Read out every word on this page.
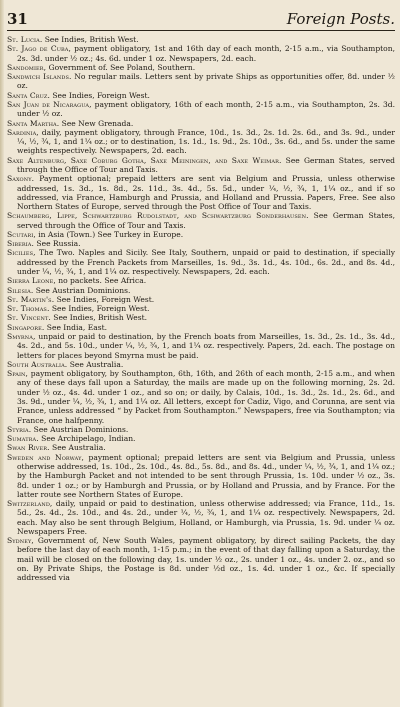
31	Foreign Posts.

St. Lucia. See Indies, British West.

St. Jago de Cuba, payment obligatory, 1st and 16th day of each month, 2-15 a.m., via Southampton, 2s. 3d. under ½ oz.; 4s. 6d. under 1 oz. Newspapers, 2d. each.

Sandomier, Government of. See Poland, Southern.

Sandwich Islands. No regular mails. Letters sent by private Ships as opportunities offer, 8d. under ½ oz.

Santa Cruz. See Indies, Foreign West.

San Juan de Nicaragua, payment obligatory, 16th of each month, 2-15 a.m., via Southampton, 2s. 3d. under ½ oz.

Santa Martha. See New Grenada.

Sardinia, daily, payment obligatory, through France, 10d., 1s. 3d., 2s. 1d. 2s. 6d., and 3s. 9d., under ¼, ½, ¾, 1, and 1¼ oz.; or to destination, 1s. 1d., 1s. 9d., 2s. 10d., 3s. 6d., and 5s. under the same weights respectively. Newspapers, 2d. each.

Saxe Altenburg, Saxe Coburg Gotha, Saxe Meiningen, and Saxe Weimar. See German States, served through the Office of Tour and Taxis.

Saxony. Payment optional; prepaid letters are sent via Belgium and Prussia, unless otherwise addressed, 1s. 3d., 1s. 8d., 2s. 11d., 3s. 4d., 5s. 5d., under ¼, ½, ¾, 1, 1¼ oz., and if so addressed, via France, Hamburgh and Prussia, and Holland and Prussia. Papers, Free. See also Northern States of Europe, served through the Post Office of Tour and Taxis.

Schaumberg, Lippe, Schwartzburg Rudolstadt, and Schwartzburg Sonderhausen. See German States, served through the Office of Tour and Taxis.

Scutari, in Asia (Town.) See Turkey in Europe.

Siberia. See Russia.

Sicilies, The Two. Naples and Sicily. See Italy, Southern, unpaid or paid to destination, if specially addressed by the French Packets from Marseilles, 1s. 9d., 3s. 1d., 4s. 10d., 6s. 2d., and 8s. 4d., under ¼, ½, ¾, 1, and 1¼ oz. respectively. Newspapers, 2d. each.

Sierra Leone, no packets. See Africa.

Silesia. See Austrian Dominions.

St. Martin's. See Indies, Foreign West.

St. Thomas. See Indies, Foreign West.

St. Vincent. See Indies, British West.

Singapore. See India, East.

Smyrna, unpaid or paid to destination, by the French boats from Marseilles, 1s. 3d., 2s. 1d., 3s. 4d., 4s. 2d., and 5s. 10d., under ¼, ½, ¾, 1, and 1¼ oz. respectively. Papers, 2d. each. The postage on letters for places beyond Smyrna must be paid.

South Australia. See Australia.

Spain, payment obligatory, by Southampton, 6th, 16th, and 26th of each month, 2-15 a.m., and when any of these days fall upon a Saturday, the mails are made up on the following morning, 2s. 2d. under ½ oz., 4s. 4d. under 1 oz., and so on; or daily, by Calais, 10d., 1s. 3d., 2s. 1d., 2s. 6d., and 3s. 9d., under ¼, ½, ¾, 1, and 1¼ oz. All letters, except for Cadiz, Vigo, and Corunna, are sent via France, unless addressed “ by Packet from Southampton.” Newspapers, free via Southampton; via France, one halfpenny.

Styria. See Austrian Dominions.

Sumatra. See Archipelago, Indian.

Swan River. See Australia.

Sweden and Norway, payment optional; prepaid letters are sent via Belgium and Prussia, unless otherwise addressed, 1s. 10d., 2s. 10d., 4s. 8d., 5s. 8d., and 8s. 4d., under ¼, ½, ¾, 1, and 1¼ oz.; by the Hamburgh Packet and not intended to be sent through Prussia, 1s. 10d. under ½ oz., 3s. 8d. under 1 oz.; or by Hamburgh and Prussia, or by Holland and Prussia, and by France. For the latter route see Northern States of Europe.

Switzerland, daily, unpaid or paid to destination, unless otherwise addressed; via France, 11d., 1s. 5d., 2s. 4d., 2s. 10d., and 4s. 2d., under ¼, ½, ¾, 1, and 1¼ oz. respectively. Newspapers, 2d. each. May also be sent through Belgium, Holland, or Hamburgh, via Prussia, 1s. 9d. under ¼ oz. Newspapers Free.

Sydney, Government of, New South Wales, payment obligatory, by direct sailing Packets, the day before the last day of each month, 1-15 p.m.; in the event of that day falling upon a Saturday, the mail will be closed on the following day, 1s. under ½ oz., 2s. under 1 oz., 4s. under 2. oz., and so on. By Private Ships, the Postage is 8d. under ½d oz., 1s. 4d. under 1 oz., &c. If specially addressed via
